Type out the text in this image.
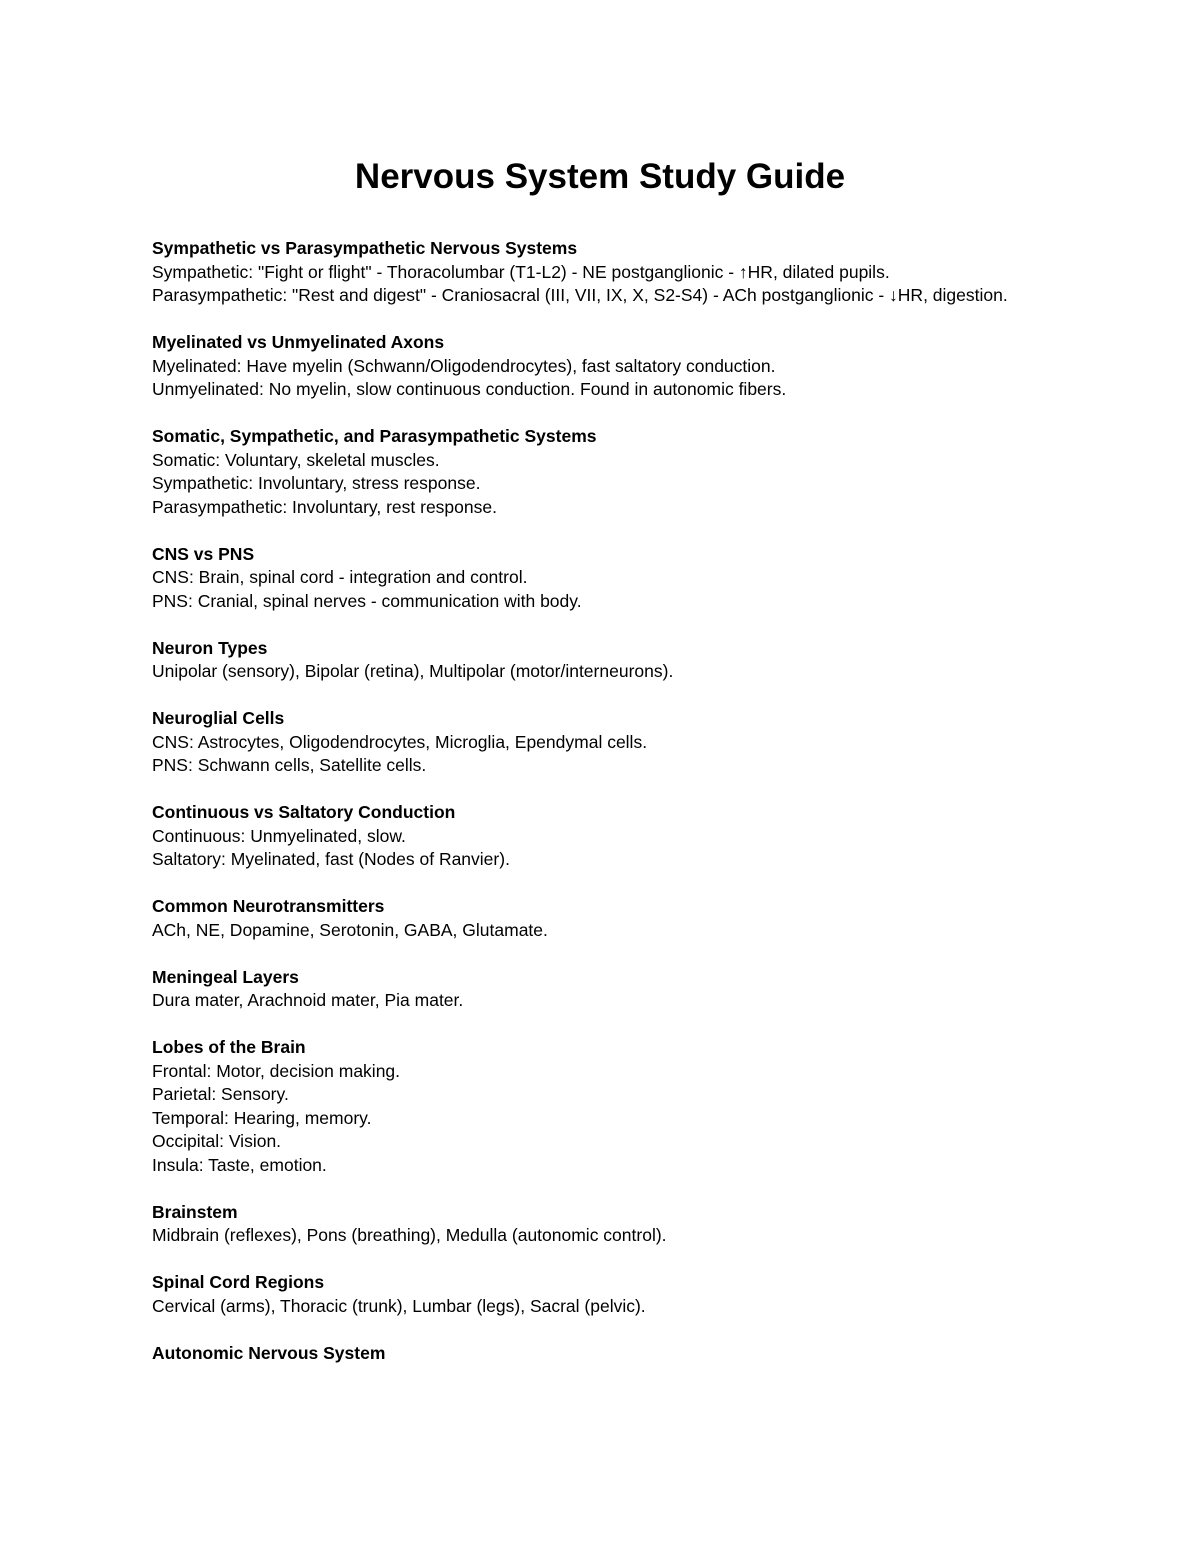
Nervous System Study Guide
Sympathetic vs Parasympathetic Nervous Systems

Sympathetic: "Fight or flight" - Thoracolumbar (T1-L2) - NE postganglionic - ↑HR, dilated pupils.

Parasympathetic: "Rest and digest" - Craniosacral (III, VII, IX, X, S2-S4) - ACh postganglionic - ↓HR, digestion.

Myelinated vs Unmyelinated Axons

Myelinated: Have myelin (Schwann/Oligodendrocytes), fast saltatory conduction.

Unmyelinated: No myelin, slow continuous conduction. Found in autonomic fibers.

Somatic, Sympathetic, and Parasympathetic Systems

Somatic: Voluntary, skeletal muscles.

Sympathetic: Involuntary, stress response.

Parasympathetic: Involuntary, rest response.

CNS vs PNS

CNS: Brain, spinal cord - integration and control.

PNS: Cranial, spinal nerves - communication with body.

Neuron Types

Unipolar (sensory), Bipolar (retina), Multipolar (motor/interneurons).

Neuroglial Cells

CNS: Astrocytes, Oligodendrocytes, Microglia, Ependymal cells.

PNS: Schwann cells, Satellite cells.

Continuous vs Saltatory Conduction

Continuous: Unmyelinated, slow.

Saltatory: Myelinated, fast (Nodes of Ranvier).

Common Neurotransmitters

ACh, NE, Dopamine, Serotonin, GABA, Glutamate.

Meningeal Layers

Dura mater, Arachnoid mater, Pia mater.

Lobes of the Brain

Frontal: Motor, decision making.

Parietal: Sensory.

Temporal: Hearing, memory.

Occipital: Vision.

Insula: Taste, emotion.

Brainstem

Midbrain (reflexes), Pons (breathing), Medulla (autonomic control).

Spinal Cord Regions

Cervical (arms), Thoracic (trunk), Lumbar (legs), Sacral (pelvic).

Autonomic Nervous System
